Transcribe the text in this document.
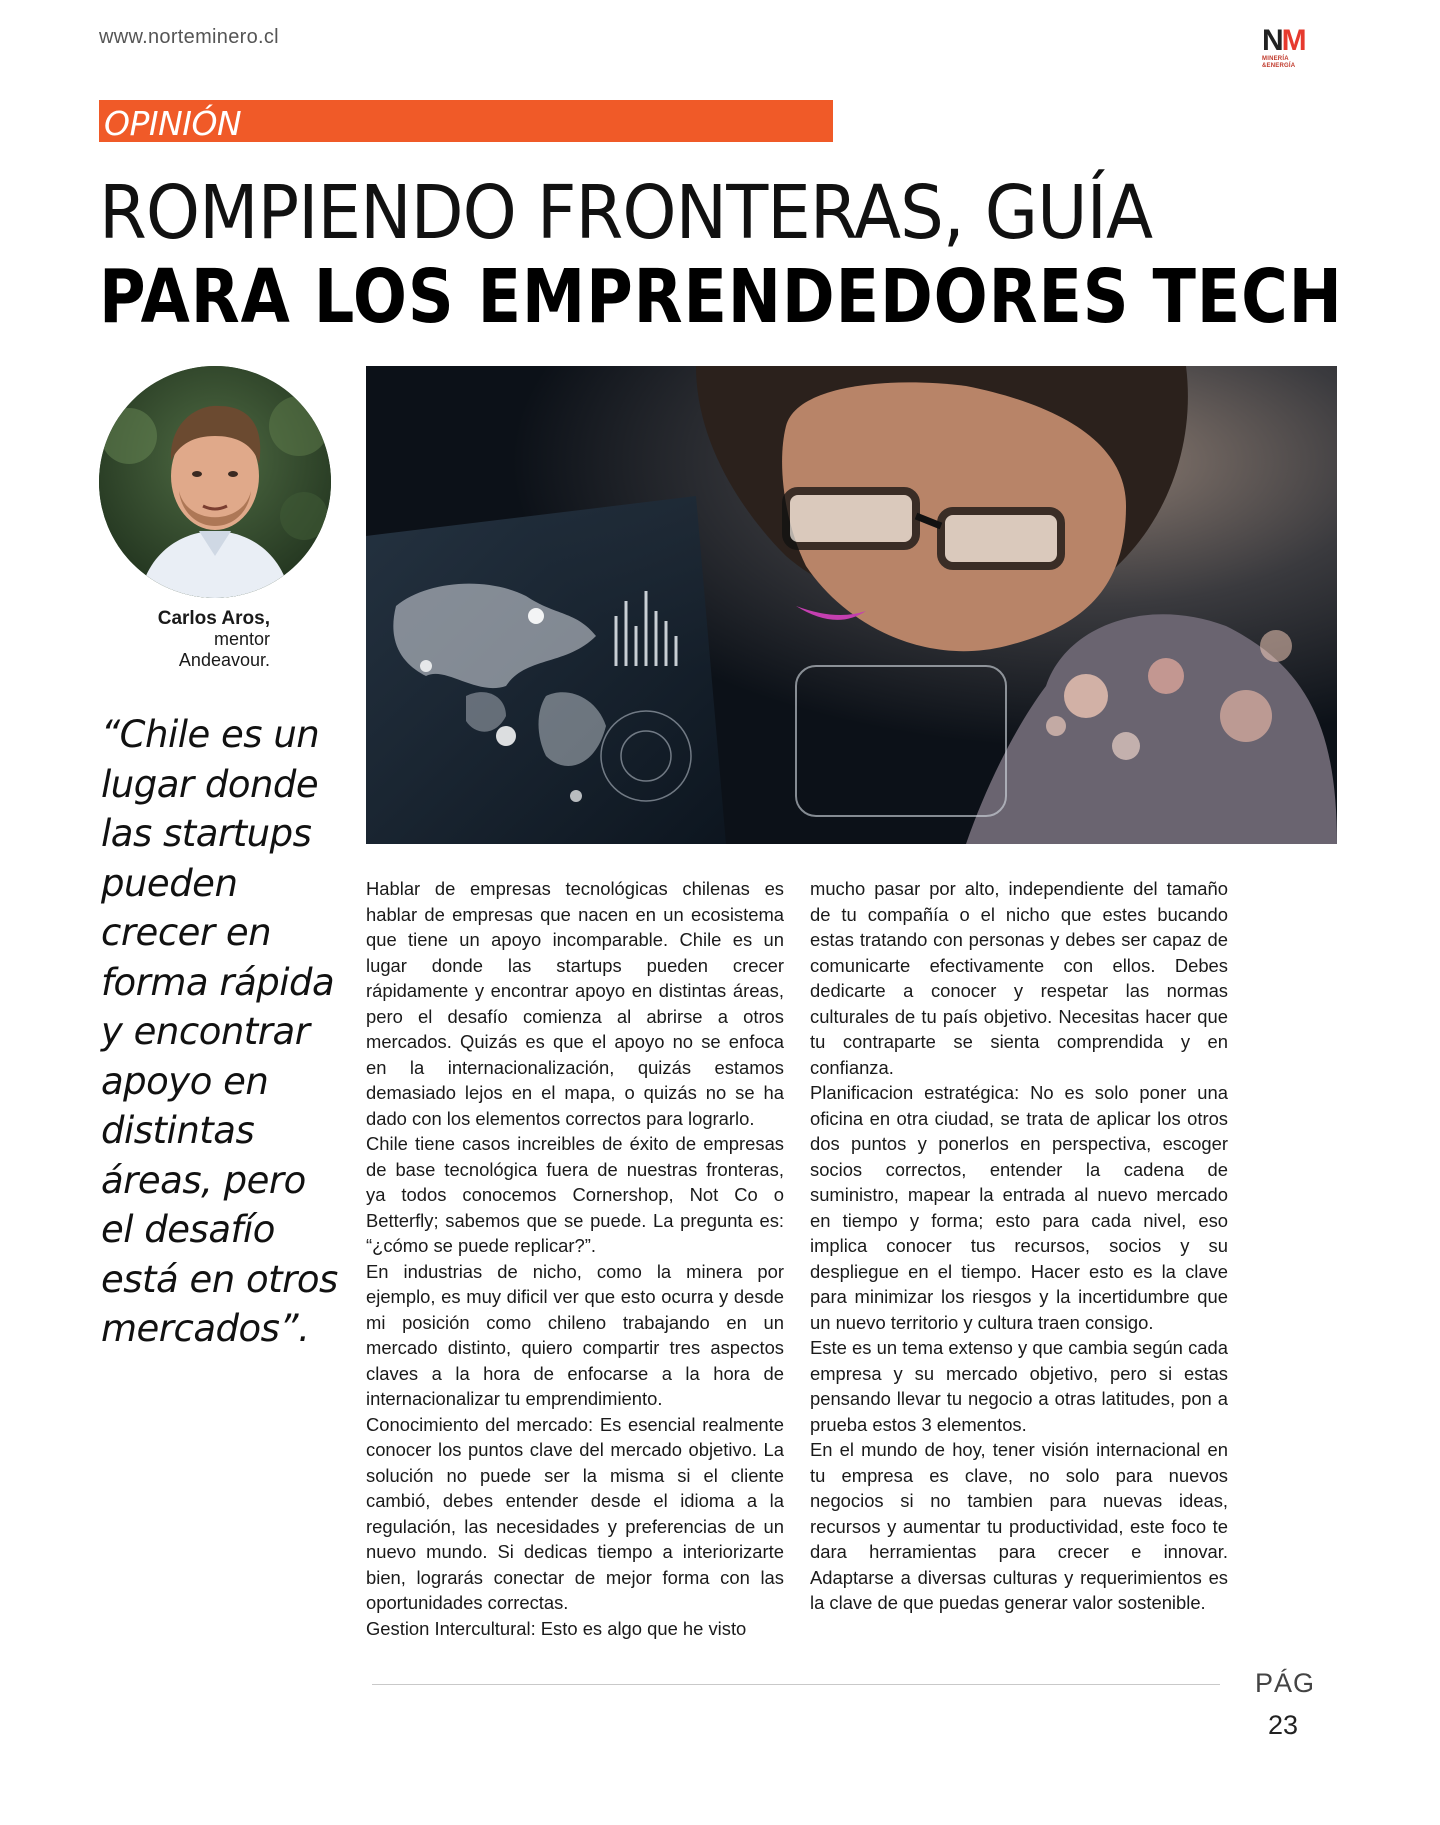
www.norteminero.cl	NM
MINERÍA
&ENERGÍA
OPINIÓN
ROMPIENDO FRONTERAS, GUÍA
PARA LOS EMPRENDEDORES TECH
Carlos Aros,
mentor
Andeavour.
“Chile es un lugar donde las startups pueden crecer en forma rápida y encontrar apoyo en distintas áreas, pero el desafío está en otros mercados”.

Hablar de empresas tecnológicas chilenas es hablar de empresas que nacen en un ecosistema que tiene un apoyo incomparable. Chile es un lugar donde las startups pueden crecer rápidamente y encontrar apoyo en distintas áreas, pero el desafío comienza al abrirse a otros mercados. Quizás es que el apoyo no se enfoca en la internacionalización, quizás estamos demasiado lejos en el mapa, o quizás no se ha dado con los elementos correctos para lograrlo.

Chile tiene casos increibles de éxito de empresas de base tecnológica fuera de nuestras fronteras, ya todos conocemos Cornershop, Not Co o Betterfly; sabemos que se puede. La pregunta es: “¿cómo se puede replicar?”.

En industrias de nicho, como la minera por ejemplo, es muy dificil ver que esto ocurra y desde mi posición como chileno trabajando en un mercado distinto, quiero compartir tres aspectos claves a la hora de enfocarse a la hora de internacionalizar tu emprendimiento.

Conocimiento del mercado: Es esencial realmente conocer los puntos clave del mercado objetivo. La solución no puede ser la misma si el cliente cambió, debes entender desde el idioma a la regulación, las necesidades y preferencias de un nuevo mundo. Si dedicas tiempo a interiorizarte bien, lograrás conectar de mejor forma con las oportunidades correctas.

Gestion Intercultural: Esto es algo que he visto

mucho pasar por alto, independiente del tamaño de tu compañía o el nicho que estes bucando estas tratando con personas y debes ser capaz de comunicarte efectivamente con ellos. Debes dedicarte a conocer y respetar las normas culturales de tu país objetivo. Necesitas hacer que tu contraparte se sienta comprendida y en confianza.

Planificacion estratégica: No es solo poner una oficina en otra ciudad, se trata de aplicar los otros dos puntos y ponerlos en perspectiva, escoger socios correctos, entender la cadena de suministro, mapear la entrada al nuevo mercado en tiempo y forma; esto para cada nivel, eso implica conocer tus recursos, socios y su despliegue en el tiempo. Hacer esto es la clave para minimizar los riesgos y la incertidumbre que un nuevo territorio y cultura traen consigo.

Este es un tema extenso y que cambia según cada empresa y su mercado objetivo, pero si estas pensando llevar tu negocio a otras latitudes, pon a prueba estos 3 elementos.

En el mundo de hoy, tener visión internacional en tu empresa es clave, no solo para nuevos negocios si no tambien para nuevas ideas, recursos y aumentar tu productividad, este foco te dara herramientas para crecer e innovar. Adaptarse a diversas culturas y requerimientos es la clave de que puedas generar valor sostenible.

PÁG
23
